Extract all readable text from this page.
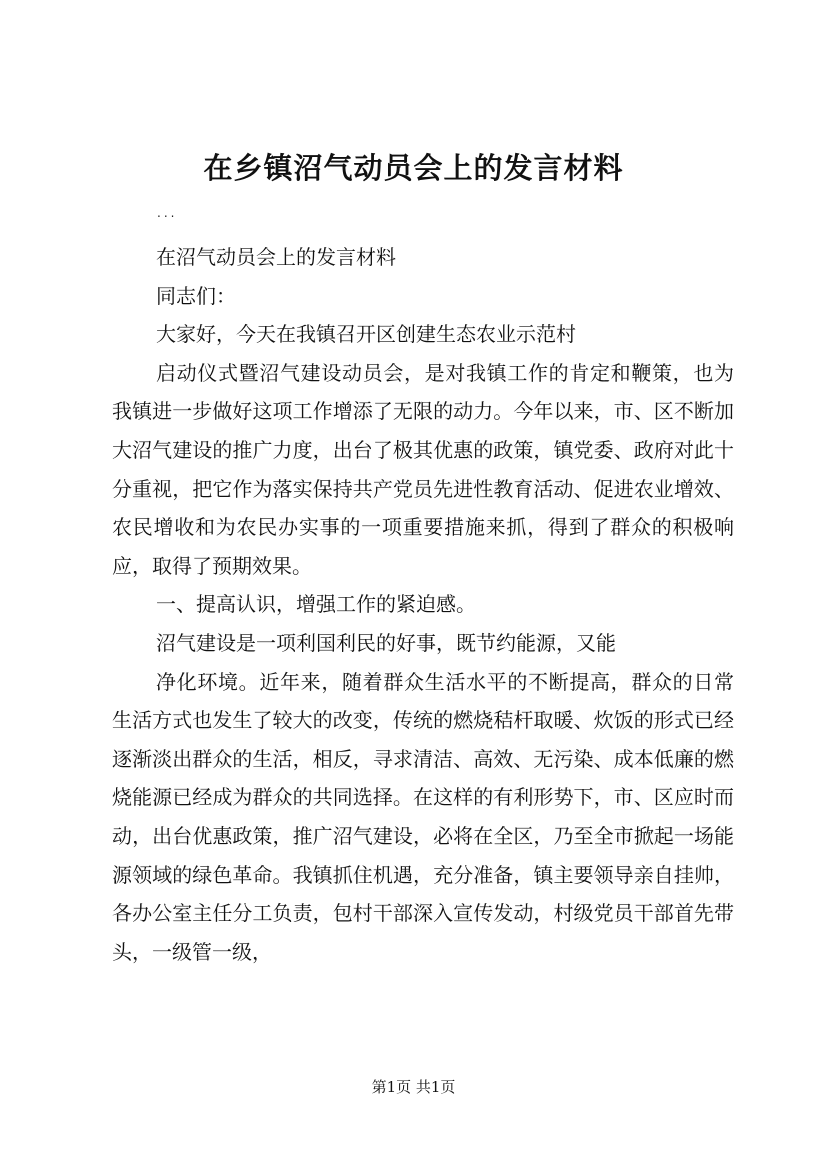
在乡镇沼气动员会上的发言材料
...

在沼气动员会上的发言材料

同志们：

大家好，今天在我镇召开区创建生态农业示范村

启动仪式暨沼气建设动员会，是对我镇工作的肯定和鞭策，也为我镇进一步做好这项工作增添了无限的动力。今年以来，市、区不断加大沼气建设的推广力度，出台了极其优惠的政策，镇党委、政府对此十分重视，把它作为落实保持共产党员先进性教育活动、促进农业增效、农民增收和为农民办实事的一项重要措施来抓，得到了群众的积极响应，取得了预期效果。

一、提高认识，增强工作的紧迫感。

沼气建设是一项利国利民的好事，既节约能源，又能

净化环境。近年来，随着群众生活水平的不断提高，群众的日常生活方式也发生了较大的改变，传统的燃烧秸杆取暖、炊饭的形式已经逐渐淡出群众的生活，相反，寻求清洁、高效、无污染、成本低廉的燃烧能源已经成为群众的共同选择。在这样的有利形势下，市、区应时而动，出台优惠政策，推广沼气建设，必将在全区，乃至全市掀起一场能源领域的绿色革命。我镇抓住机遇，充分准备，镇主要领导亲自挂帅，各办公室主任分工负责，包村干部深入宣传发动，村级党员干部首先带头，一级管一级，

第1页 共1页
